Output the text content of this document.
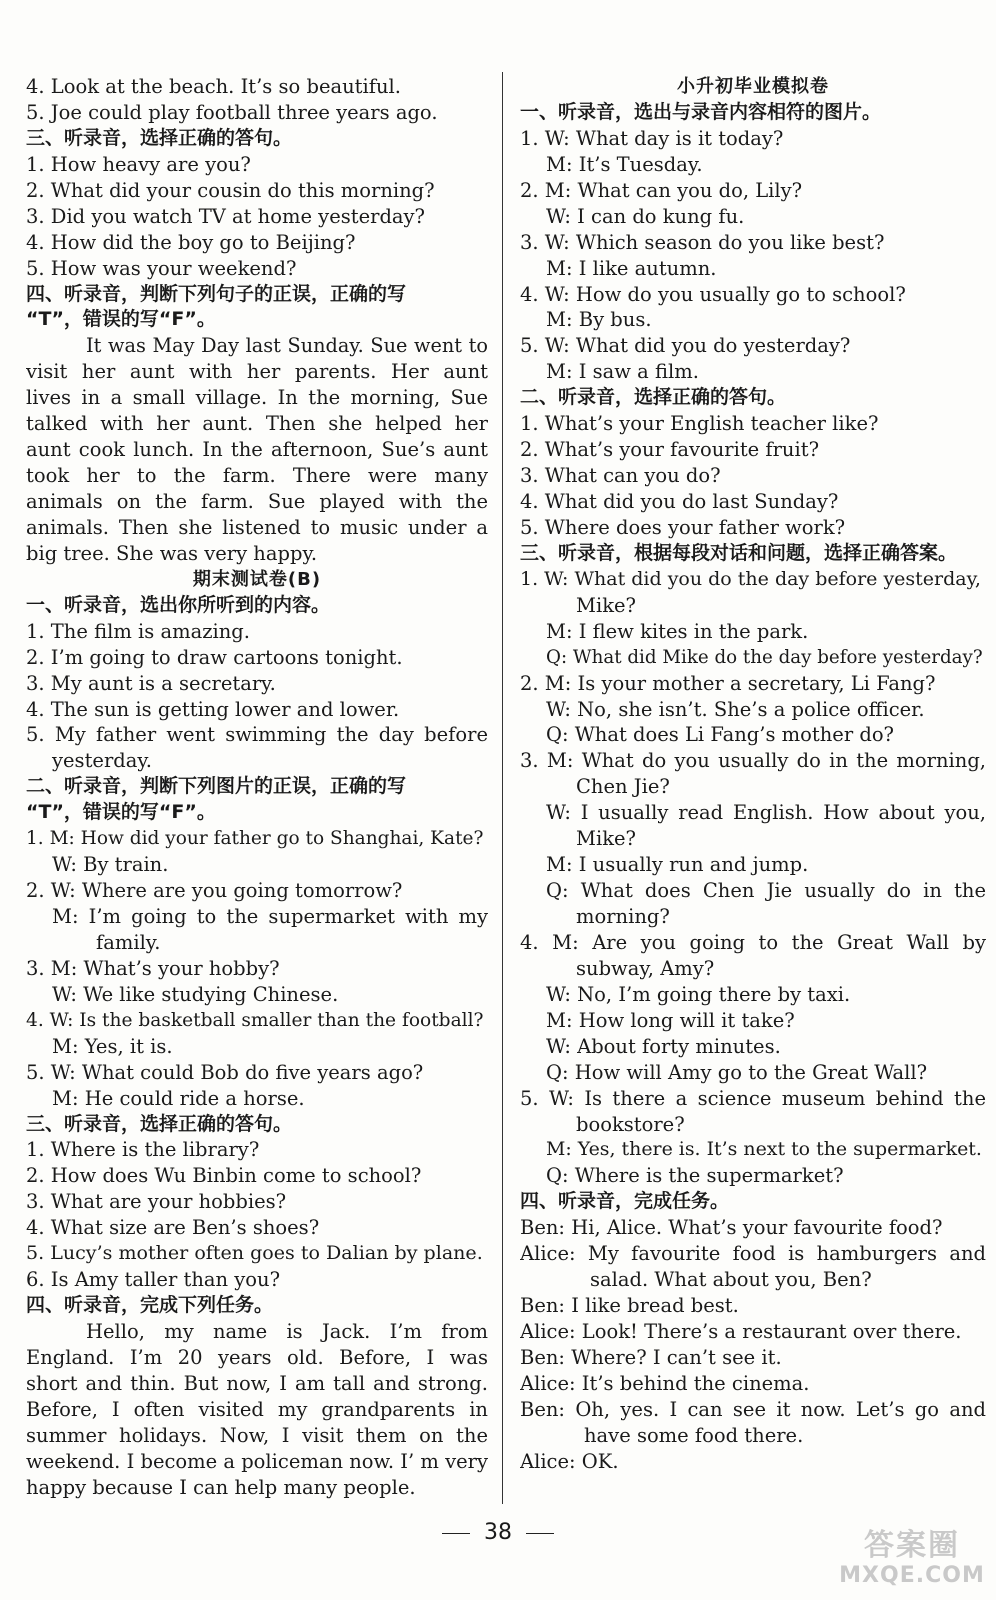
4. Look at the beach. It’s so beautiful.
5. Joe could play football three years ago.
三、听录音，选择正确的答句。
1. How heavy are you?
2. What did your cousin do this morning?
3. Did you watch TV at home yesterday?
4. How did the boy go to Beijing?
5. How was your weekend?
四、听录音，判断下列句子的正误，正确的写
“T”，错误的写“F”。
It was May Day last Sunday. Sue went to
visit her aunt with her parents. Her aunt
lives in a small village. In the morning, Sue
talked with her aunt. Then she helped her
aunt cook lunch. In the afternoon, Sue’s aunt
took her to the farm. There were many
animals on the farm. Sue played with the
animals. Then she listened to music under a
big tree. She was very happy.
期末测试卷(B)
一、听录音，选出你所听到的内容。
1. The film is amazing.
2. I’m going to draw cartoons tonight.
3. My aunt is a secretary.
4. The sun is getting lower and lower.
5. My father went swimming the day before
yesterday.
二、听录音，判断下列图片的正误，正确的写
“T”，错误的写“F”。
1. M: How did your father go to Shanghai, Kate?
W: By train.
2. W: Where are you going tomorrow?
M: I’m going to the supermarket with my
family.
3. M: What’s your hobby?
W: We like studying Chinese.
4. W: Is the basketball smaller than the football?
M: Yes, it is.
5. W: What could Bob do five years ago?
M: He could ride a horse.
三、听录音，选择正确的答句。
1. Where is the library?
2. How does Wu Binbin come to school?
3. What are your hobbies?
4. What size are Ben’s shoes?
5. Lucy’s mother often goes to Dalian by plane.
6. Is Amy taller than you?
四、听录音，完成下列任务。
Hello, my name is Jack. I’m from
England. I’m 20 years old. Before, I was
short and thin. But now, I am tall and strong.
Before, I often visited my grandparents in
summer holidays. Now, I visit them on the
weekend. I become a policeman now. I’ m very
happy because I can help many people.
小升初毕业模拟卷
一、听录音，选出与录音内容相符的图片。
1. W: What day is it today?
M: It’s Tuesday.
2. M: What can you do, Lily?
W: I can do kung fu.
3. W: Which season do you like best?
M: I like autumn.
4. W: How do you usually go to school?
M: By bus.
5. W: What did you do yesterday?
M: I saw a film.
二、听录音，选择正确的答句。
1. What’s your English teacher like?
2. What’s your favourite fruit?
3. What can you do?
4. What did you do last Sunday?
5. Where does your father work?
三、听录音，根据每段对话和问题，选择正确答案。
1. W: What did you do the day before yesterday,
Mike?
M: I flew kites in the park.
Q: What did Mike do the day before yesterday?
2. M: Is your mother a secretary, Li Fang?
W: No, she isn’t. She’s a police officer.
Q: What does Li Fang’s mother do?
3. M: What do you usually do in the morning,
Chen Jie?
W: I usually read English. How about you,
Mike?
M: I usually run and jump.
Q: What does Chen Jie usually do in the
morning?
4. M: Are you going to the Great Wall by
subway, Amy?
W: No, I’m going there by taxi.
M: How long will it take?
W: About forty minutes.
Q: How will Amy go to the Great Wall?
5. W: Is there a science museum behind the
bookstore?
M: Yes, there is. It’s next to the supermarket.
Q: Where is the supermarket?
四、听录音，完成任务。
Ben: Hi, Alice. What’s your favourite food?
Alice: My favourite food is hamburgers and
salad. What about you, Ben?
Ben: I like bread best.
Alice: Look! There’s a restaurant over there.
Ben: Where? I can’t see it.
Alice: It’s behind the cinema.
Ben: Oh, yes. I can see it now. Let’s go and
have some food there.
Alice: OK.
38	答案圈
MXQE.COM
